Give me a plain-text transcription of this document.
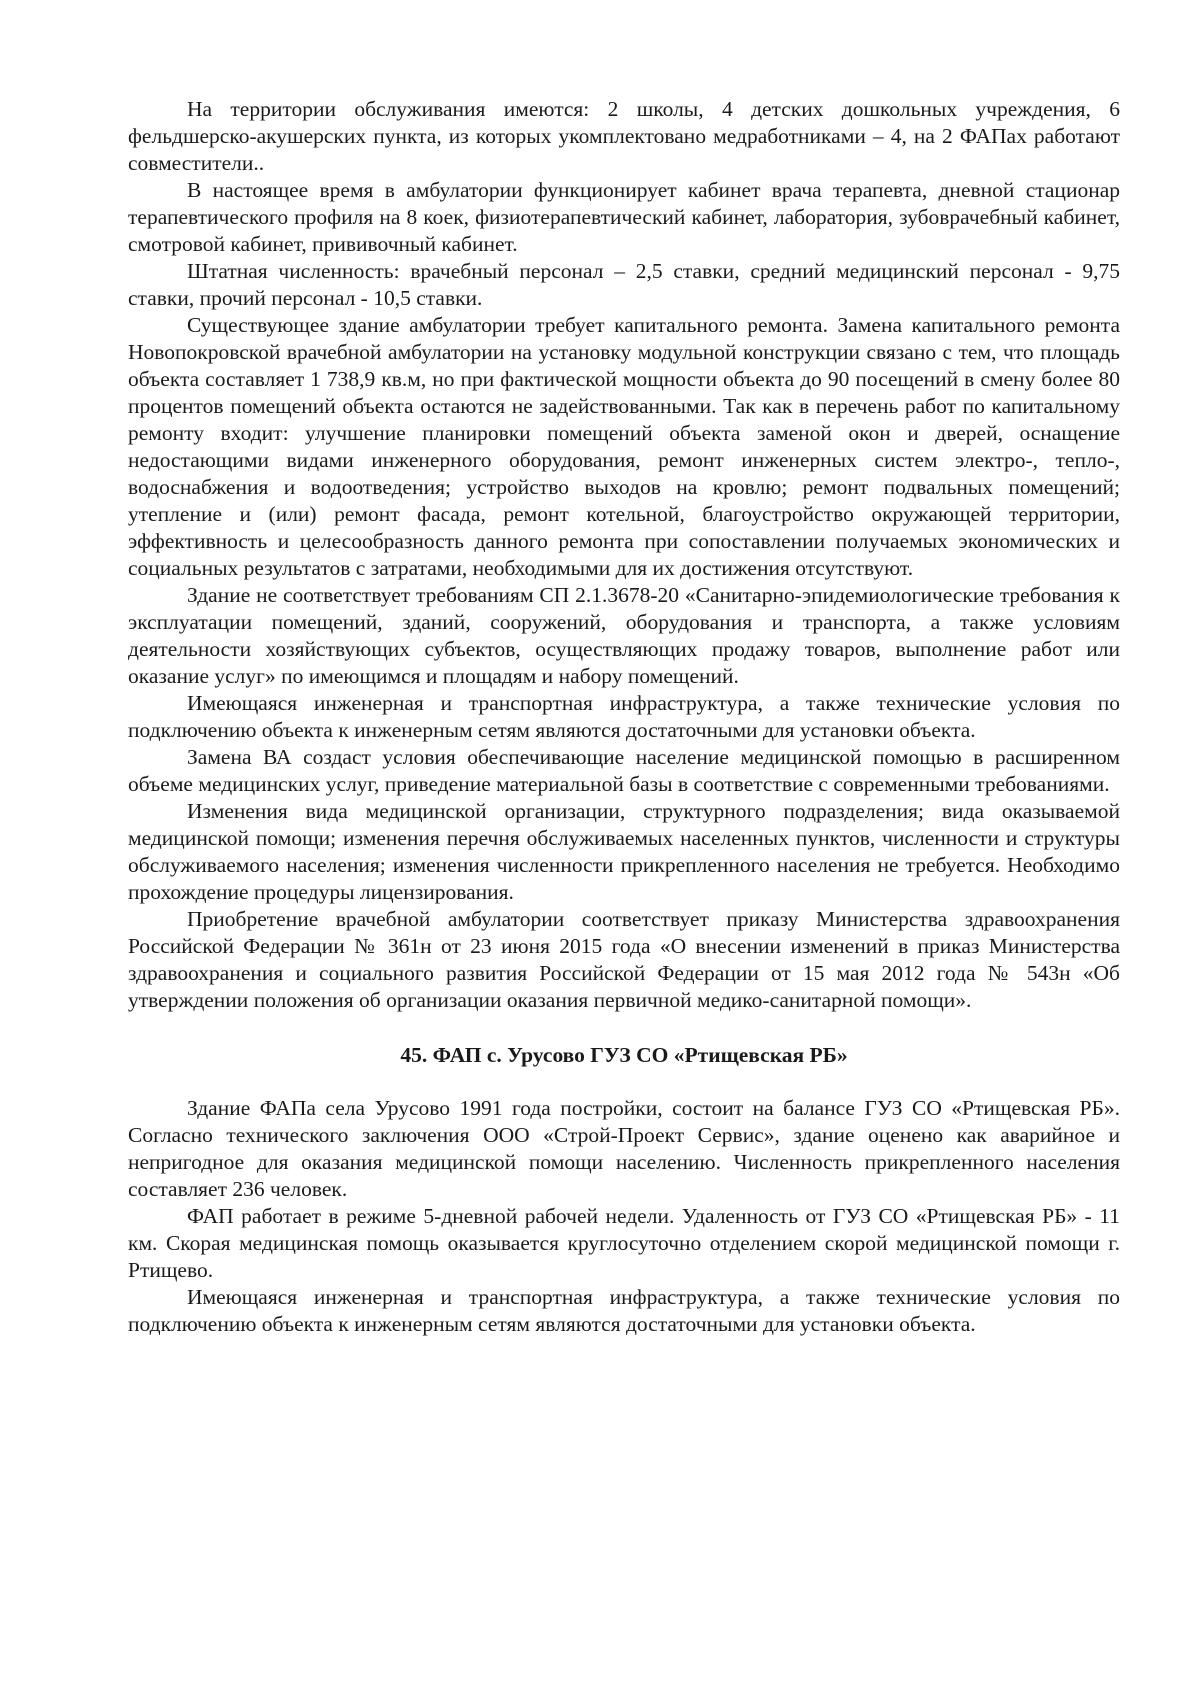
На территории обслуживания имеются: 2 школы, 4 детских дошкольных учреждения, 6 фельдшерско-акушерских пункта, из которых укомплектовано медработниками – 4, на 2 ФАПах работают совместители..

В настоящее время в амбулатории функционирует кабинет врача терапевта, дневной стационар терапевтического профиля на 8 коек, физиотерапевтический кабинет, лаборатория, зубоврачебный кабинет, смотровой кабинет, прививочный кабинет.

Штатная численность: врачебный персонал – 2,5 ставки, средний медицинский персонал - 9,75 ставки, прочий персонал - 10,5 ставки.

Существующее здание амбулатории требует капитального ремонта. Замена капитального ремонта Новопокровской врачебной амбулатории на установку модульной конструкции связано с тем, что площадь объекта составляет 1 738,9 кв.м, но при фактической мощности объекта до 90 посещений в смену более 80 процентов помещений объекта остаются не задействованными. Так как в перечень работ по капитальному ремонту входит: улучшение планировки помещений объекта заменой окон и дверей, оснащение недостающими видами инженерного оборудования, ремонт инженерных систем электро-, тепло-, водоснабжения и водоотведения; устройство выходов на кровлю; ремонт подвальных помещений; утепление и (или) ремонт фасада, ремонт котельной, благоустройство окружающей территории, эффективность и целесообразность данного ремонта при сопоставлении получаемых экономических и социальных результатов с затратами, необходимыми для их достижения отсутствуют.

Здание не соответствует требованиям СП 2.1.3678-20 «Санитарно-эпидемиологические требования к эксплуатации помещений, зданий, сооружений, оборудования и транспорта, а также условиям деятельности хозяйствующих субъектов, осуществляющих продажу товаров, выполнение работ или оказание услуг» по имеющимся и площадям и набору помещений.

Имеющаяся инженерная и транспортная инфраструктура, а также технические условия по подключению объекта к инженерным сетям являются достаточными для установки объекта.

Замена ВА создаст условия обеспечивающие население медицинской помощью в расширенном объеме медицинских услуг, приведение материальной базы в соответствие с современными требованиями.

Изменения вида медицинской организации, структурного подразделения; вида оказываемой медицинской помощи; изменения перечня обслуживаемых населенных пунктов, численности и структуры обслуживаемого населения; изменения численности прикрепленного населения не требуется. Необходимо прохождение процедуры лицензирования.

Приобретение врачебной амбулатории соответствует приказу Министерства здравоохранения Российской Федерации № 361н от 23 июня 2015 года «О внесении изменений в приказ Министерства здравоохранения и социального развития Российской Федерации от 15 мая 2012 года № 543н «Об утверждении положения об организации оказания первичной медико-санитарной помощи».

45. ФАП с. Урусово ГУЗ СО «Ртищевская РБ»

Здание ФАПа села Урусово 1991 года постройки, состоит на балансе ГУЗ СО «Ртищевская РБ». Согласно технического заключения ООО «Строй-Проект Сервис», здание оценено как аварийное и непригодное для оказания медицинской помощи населению. Численность прикрепленного населения составляет 236 человек.

ФАП работает в режиме 5-дневной рабочей недели. Удаленность от ГУЗ СО «Ртищевская РБ» - 11 км. Скорая медицинская помощь оказывается круглосуточно отделением скорой медицинской помощи г. Ртищево.

Имеющаяся инженерная и транспортная инфраструктура, а также технические условия по подключению объекта к инженерным сетям являются достаточными для установки объекта.
